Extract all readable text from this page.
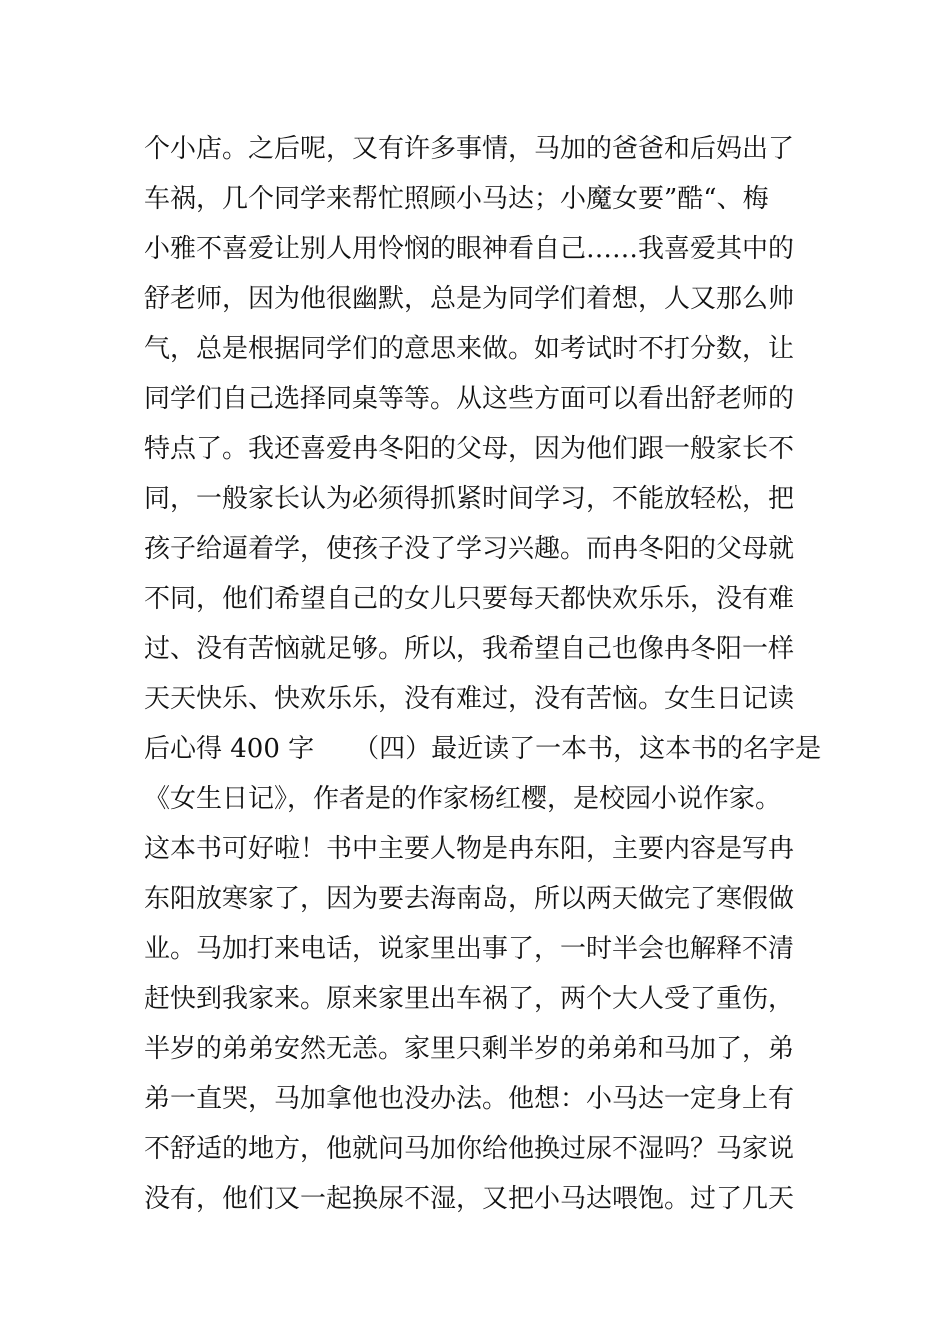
个小店。之后呢，又有许多事情，马加的爸爸和后妈出了
车祸，几个同学来帮忙照顾小马达；小魔女要”酷“、梅
小雅不喜爱让别人用怜悯的眼神看自己……我喜爱其中的
舒老师，因为他很幽默，总是为同学们着想，人又那么帅
气，总是根据同学们的意思来做。如考试时不打分数，让
同学们自己选择同桌等等。从这些方面可以看出舒老师的
特点了。我还喜爱冉冬阳的父母，因为他们跟一般家长不
同，一般家长认为必须得抓紧时间学习，不能放轻松，把
孩子给逼着学，使孩子没了学习兴趣。而冉冬阳的父母就
不同，他们希望自己的女儿只要每天都快欢乐乐，没有难
过、没有苦恼就足够。所以，我希望自己也像冉冬阳一样
天天快乐、快欢乐乐，没有难过，没有苦恼。女生日记读
后心得 400 字　　（四）最近读了一本书，这本书的名字是
《女生日记》，作者是的作家杨红樱，是校园小说作家。
这本书可好啦！书中主要人物是冉东阳，主要内容是写冉
东阳放寒家了，因为要去海南岛，所以两天做完了寒假做
业。马加打来电话，说家里出事了，一时半会也解释不清
赶快到我家来。原来家里出车祸了，两个大人受了重伤，
半岁的弟弟安然无恙。家里只剩半岁的弟弟和马加了，弟
弟一直哭，马加拿他也没办法。他想：小马达一定身上有
不舒适的地方，他就问马加你给他换过尿不湿吗？马家说
没有，他们又一起换尿不湿，又把小马达喂饱。过了几天
